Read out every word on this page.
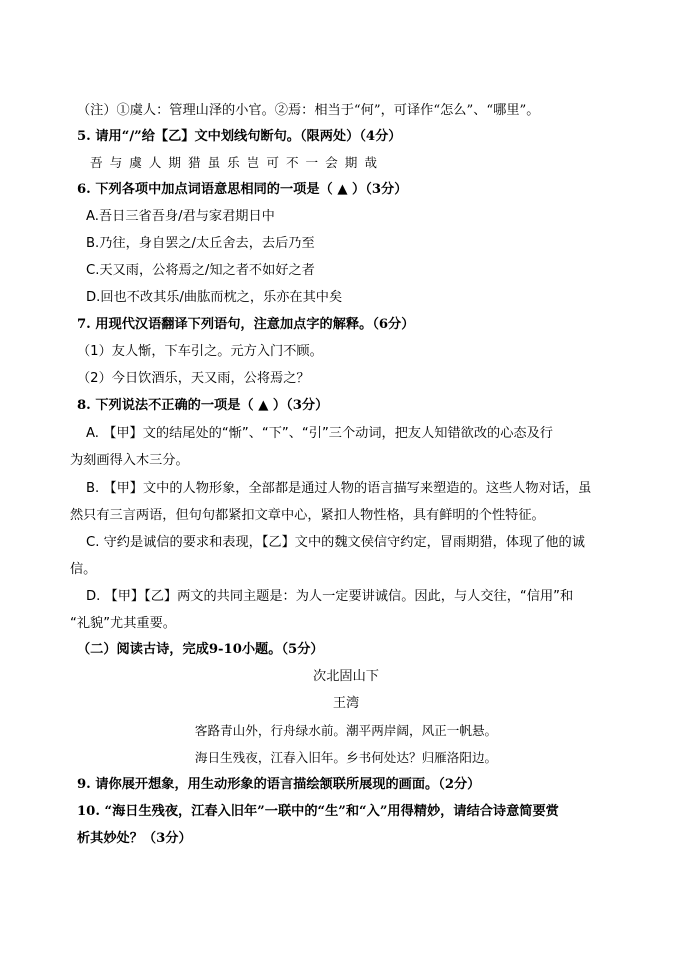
（注）①虞人：管理山泽的小官。②焉：相当于“何”，可译作“怎么”、“哪里”。
5. 请用“/”给【乙】文中划线句断句。（限两处）（4分）
吾与虞人期猎虽乐岂可不一会期哉
6. 下列各项中加点词语意思相同的一项是（ ▲ ）（3分）
A.吾日三省吾身/君与家君期日中
B.乃往，身自罢之/太丘舍去，去后乃至
C.天又雨，公将焉之/知之者不如好之者
D.回也不改其乐/曲肱而枕之，乐亦在其中矣
7. 用现代汉语翻译下列语句，注意加点字的解释。（6分）
（1）友人惭，下车引之。元方入门不顾。
（2）今日饮酒乐，天又雨，公将焉之？
8. 下列说法不正确的一项是（ ▲ ）（3分）
A. 【甲】文的结尾处的“惭”、“下”、“引”三个动词，把友人知错欲改的心态及行
为刻画得入木三分。
B. 【甲】文中的人物形象，全部都是通过人物的语言描写来塑造的。这些人物对话，虽
然只有三言两语，但句句都紧扣文章中心，紧扣人物性格，具有鲜明的个性特征。
C. 守约是诚信的要求和表现，【乙】文中的魏文侯信守约定，冒雨期猎，体现了他的诚
信。
D. 【甲】【乙】两文的共同主题是：为人一定要讲诚信。因此，与人交往，“信用”和
“礼貌”尤其重要。
（二）阅读古诗，完成9-10小题。（5分）
次北固山下
王湾
客路青山外，行舟绿水前。潮平两岸阔，风正一帆悬。
海日生残夜，江春入旧年。乡书何处达？归雁洛阳边。
9. 请你展开想象，用生动形象的语言描绘颔联所展现的画面。（2分）
10. “海日生残夜，江春入旧年”一联中的“生”和“入”用得精妙，请结合诗意简要赏
析其妙处？（3分）
